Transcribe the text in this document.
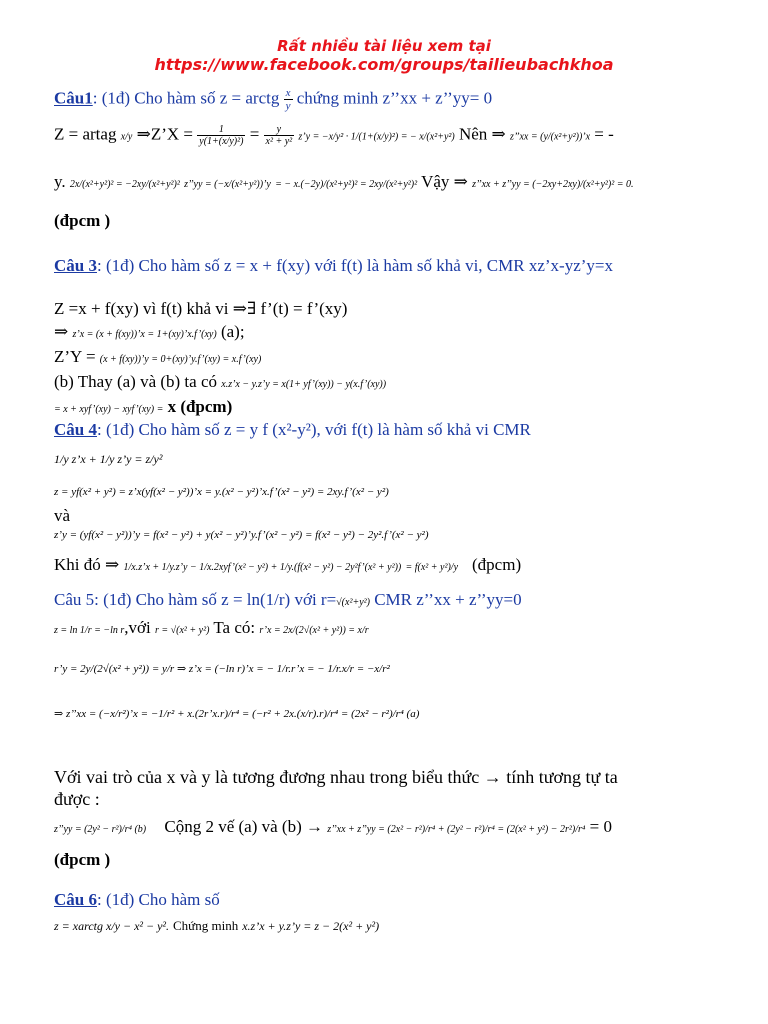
Rất nhiều tài liệu xem tại
https://www.facebook.com/groups/tailieubachkhoa
Câu1: (1đ) Cho hàm số z = arctg $\frac{x}{y}$ chứng minh z’’xx + z’’yy= 0
Z = artag x/y ⇒Z’X = $\frac{1}{\text{y(1+(x/y)²)}} = \frac{y}{\text{x² + y²}}$ z’y = −x/y² · 1/(1+(x/y)²) = − x/(x²+y²) Nên ⇒ z’’xx = (y/(x²+y²))’x = -
y. 2x/(x²+y²)² = −2xy/(x²+y²)² z’’yy = (−x/(x²+y²))’y = − x.(−2y)/(x²+y²)² = 2xy/(x²+y²)² Vậy ⇒ z’’xx + z’’yy = (−2xy+2xy)/(x²+y²)² = 0.
(đpcm )
Câu 3: (1đ) Cho hàm số z = x + f(xy) với f(t) là hàm số khả vi, CMR xz’x-yz’y=x
Z =x + f(xy) vì f(t) khả vi ⇒∃ f’(t) = f’(xy)
⇒ z’x = (x + f(xy))’x = 1+(xy)’x.f’(xy) (a);
Z’Y = (x + f(xy))’y = 0+(xy)’y.f’(xy) = x.f’(xy)
(b) Thay (a) và (b) ta có x.z’x − y.z’y = x(1+ yf’(xy)) − y(x.f’(xy))
= x + xyf’(xy) − xyf’(xy) = x (đpcm)
Câu 4: (1đ) Cho hàm số z = y f (x²-y²), với f(t) là hàm số khả vi CMR
1/y z’x + 1/y z’y = z/y²
z = yf(x² + y²) = z’x(yf(x² − y²))’x = y.(x² − y²)’x.f’(x² − y²) = 2xy.f’(x² − y²)
và
z’y = (yf(x² − y²))’y = f(x² − y²) + y(x² − y²)’y.f’(x² − y²) = f(x² − y²) − 2y².f’(x² − y²)
Khi đó ⇒ 1/x.z’x + 1/y.z’y − 1/x.2xyf’(x² − y²) + 1/y.(f(x² − y²) − 2y²f’(x² + y²)) = f(x² + y²)/y (đpcm)
Câu 5: (1đ) Cho hàm số z = ln(1/r) với r=√(x²+y²) CMR z’’xx + z’’yy=0
z = ln 1/r = −ln r,với r = √(x² + y²) Ta có: r’x = 2x/(2√(x² + y²)) = x/r
r’y = 2y/(2√(x² + y²)) = y/r ⇒ z’x = (−ln r)’x = − 1/r.r’x = − 1/r.x/r = −x/r²
⇒ z’’xx = (−x/r²)’x = −1/r² + x.(2r’x.r)/r⁴ = (−r² + 2x.(x/r).r)/r⁴ = (2x² − r²)/r⁴ (a)
Với vai trò của x và y là tương đương nhau trong biểu thức → tính tương tự ta
được :
z’’yy = (2y² − r²)/r⁴ (b) Cộng 2 vế (a) và (b) → z’’xx + z’’yy = (2x² − r²)/r⁴ + (2y² − r²)/r⁴ = (2(x² + y²) − 2r²)/r⁴ = 0
(đpcm )
Câu 6: (1đ) Cho hàm số
z = xarctg x/y − x² − y². Chứng minh x.z’x + y.z’y = z − 2(x² + y²)
